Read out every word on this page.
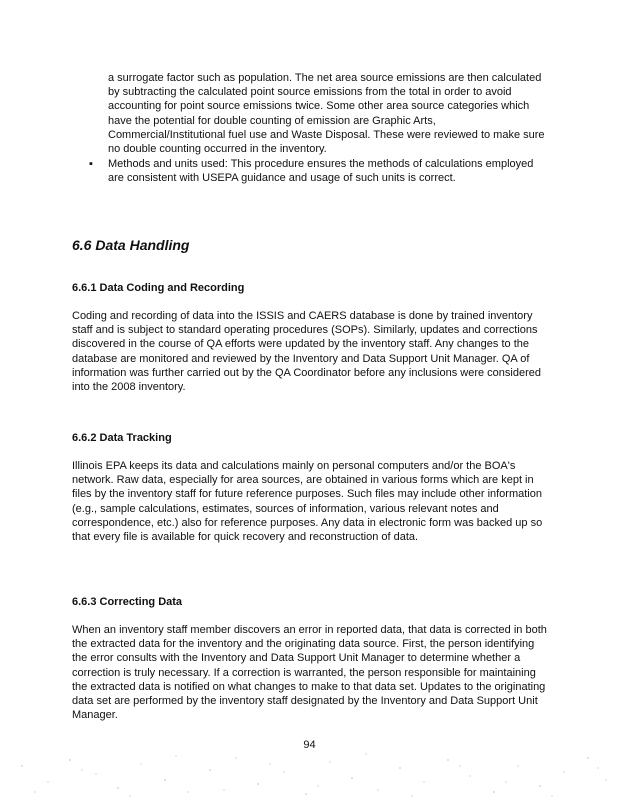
a surrogate factor such as population. The net area source emissions are then calculated by subtracting the calculated point source emissions from the total in order to avoid accounting for point source emissions twice. Some other area source categories which have the potential for double counting of emission are Graphic Arts, Commercial/Institutional fuel use and Waste Disposal. These were reviewed to make sure no double counting occurred in the inventory.

▪ Methods and units used: This procedure ensures the methods of calculations employed are consistent with USEPA guidance and usage of such units is correct.

6.6 Data Handling
6.6.1 Data Coding and Recording

Coding and recording of data into the ISSIS and CAERS database is done by trained inventory staff and is subject to standard operating procedures (SOPs). Similarly, updates and corrections discovered in the course of QA efforts were updated by the inventory staff. Any changes to the database are monitored and reviewed by the Inventory and Data Support Unit Manager. QA of information was further carried out by the QA Coordinator before any inclusions were considered into the 2008 inventory.

6.6.2 Data Tracking

Illinois EPA keeps its data and calculations mainly on personal computers and/or the BOA's network. Raw data, especially for area sources, are obtained in various forms which are kept in files by the inventory staff for future reference purposes. Such files may include other information (e.g., sample calculations, estimates, sources of information, various relevant notes and correspondence, etc.) also for reference purposes. Any data in electronic form was backed up so that every file is available for quick recovery and reconstruction of data.

6.6.3 Correcting Data

When an inventory staff member discovers an error in reported data, that data is corrected in both the extracted data for the inventory and the originating data source. First, the person identifying the error consults with the Inventory and Data Support Unit Manager to determine whether a correction is truly necessary. If a correction is warranted, the person responsible for maintaining the extracted data is notified on what changes to make to that data set. Updates to the originating data set are performed by the inventory staff designated by the Inventory and Data Support Unit Manager.

94
